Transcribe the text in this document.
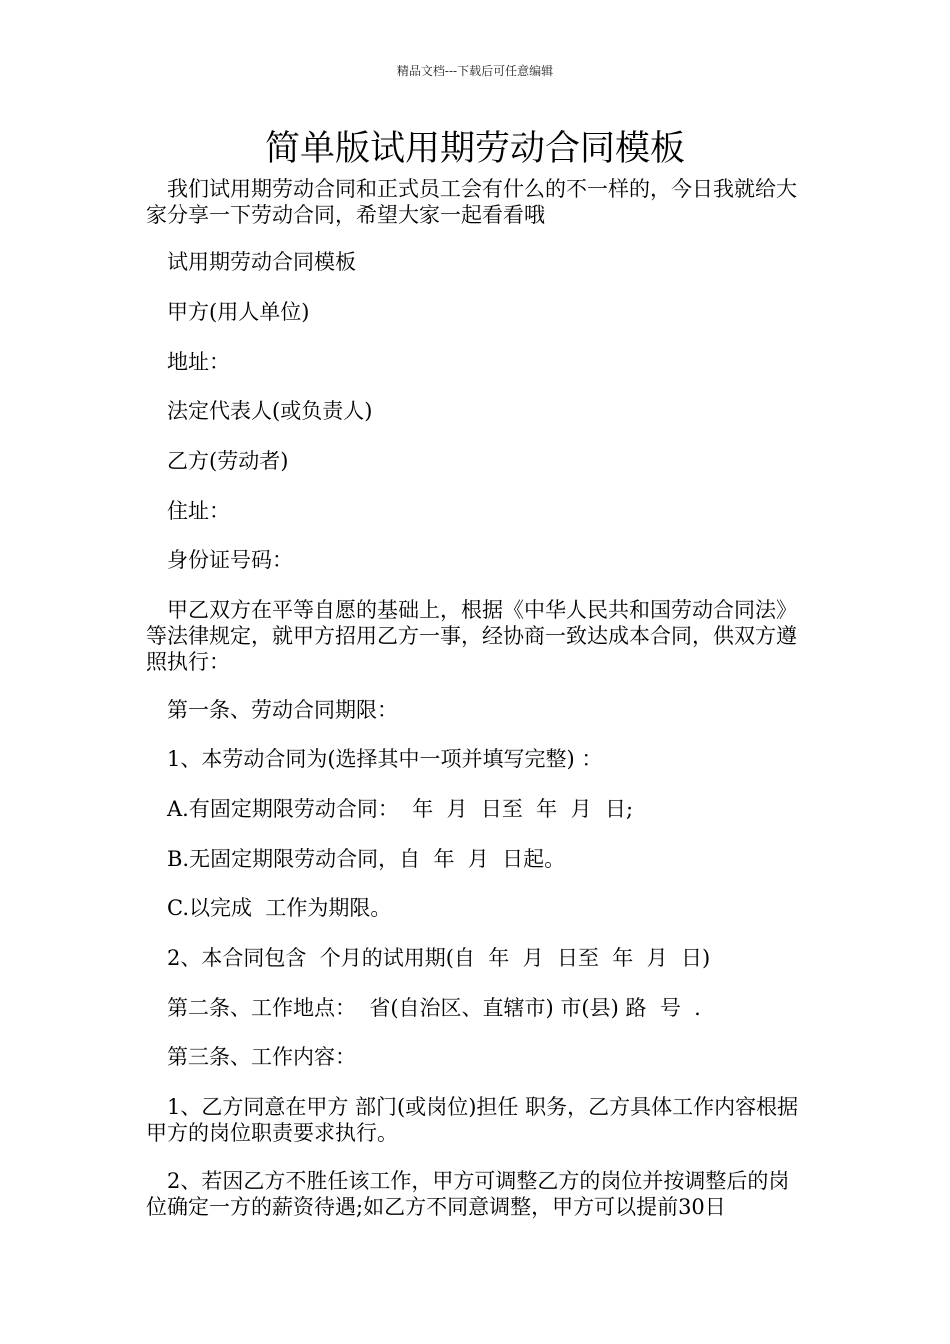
精品文档---下载后可任意编辑
简单版试用期劳动合同模板

我们试用期劳动合同和正式员工会有什么的不一样的，今日我就给大家分享一下劳动合同，希望大家一起看看哦

试用期劳动合同模板

甲方(用人单位)

地址：

法定代表人(或负责人)

乙方(劳动者)

住址：

身份证号码：

甲乙双方在平等自愿的基础上，根据《中华人民共和国劳动合同法》等法律规定，就甲方招用乙方一事，经协商一致达成本合同，供双方遵照执行：

第一条、劳动合同期限：

1、本劳动合同为(选择其中一项并填写完整) ：

A.有固定期限劳动合同：  年  月  日至  年  月  日;

B.无固定期限劳动合同，自  年  月  日起。

C.以完成  工作为期限。

2、本合同包含  个月的试用期(自  年  月  日至  年  月  日)

第二条、工作地点：  省(自治区、直辖市) 市(县) 路  号  .

第三条、工作内容：

1、乙方同意在甲方 部门(或岗位)担任 职务，乙方具体工作内容根据甲方的岗位职责要求执行。

2、若因乙方不胜任该工作，甲方可调整乙方的岗位并按调整后的岗位确定一方的薪资待遇;如乙方不同意调整，甲方可以提前30日
